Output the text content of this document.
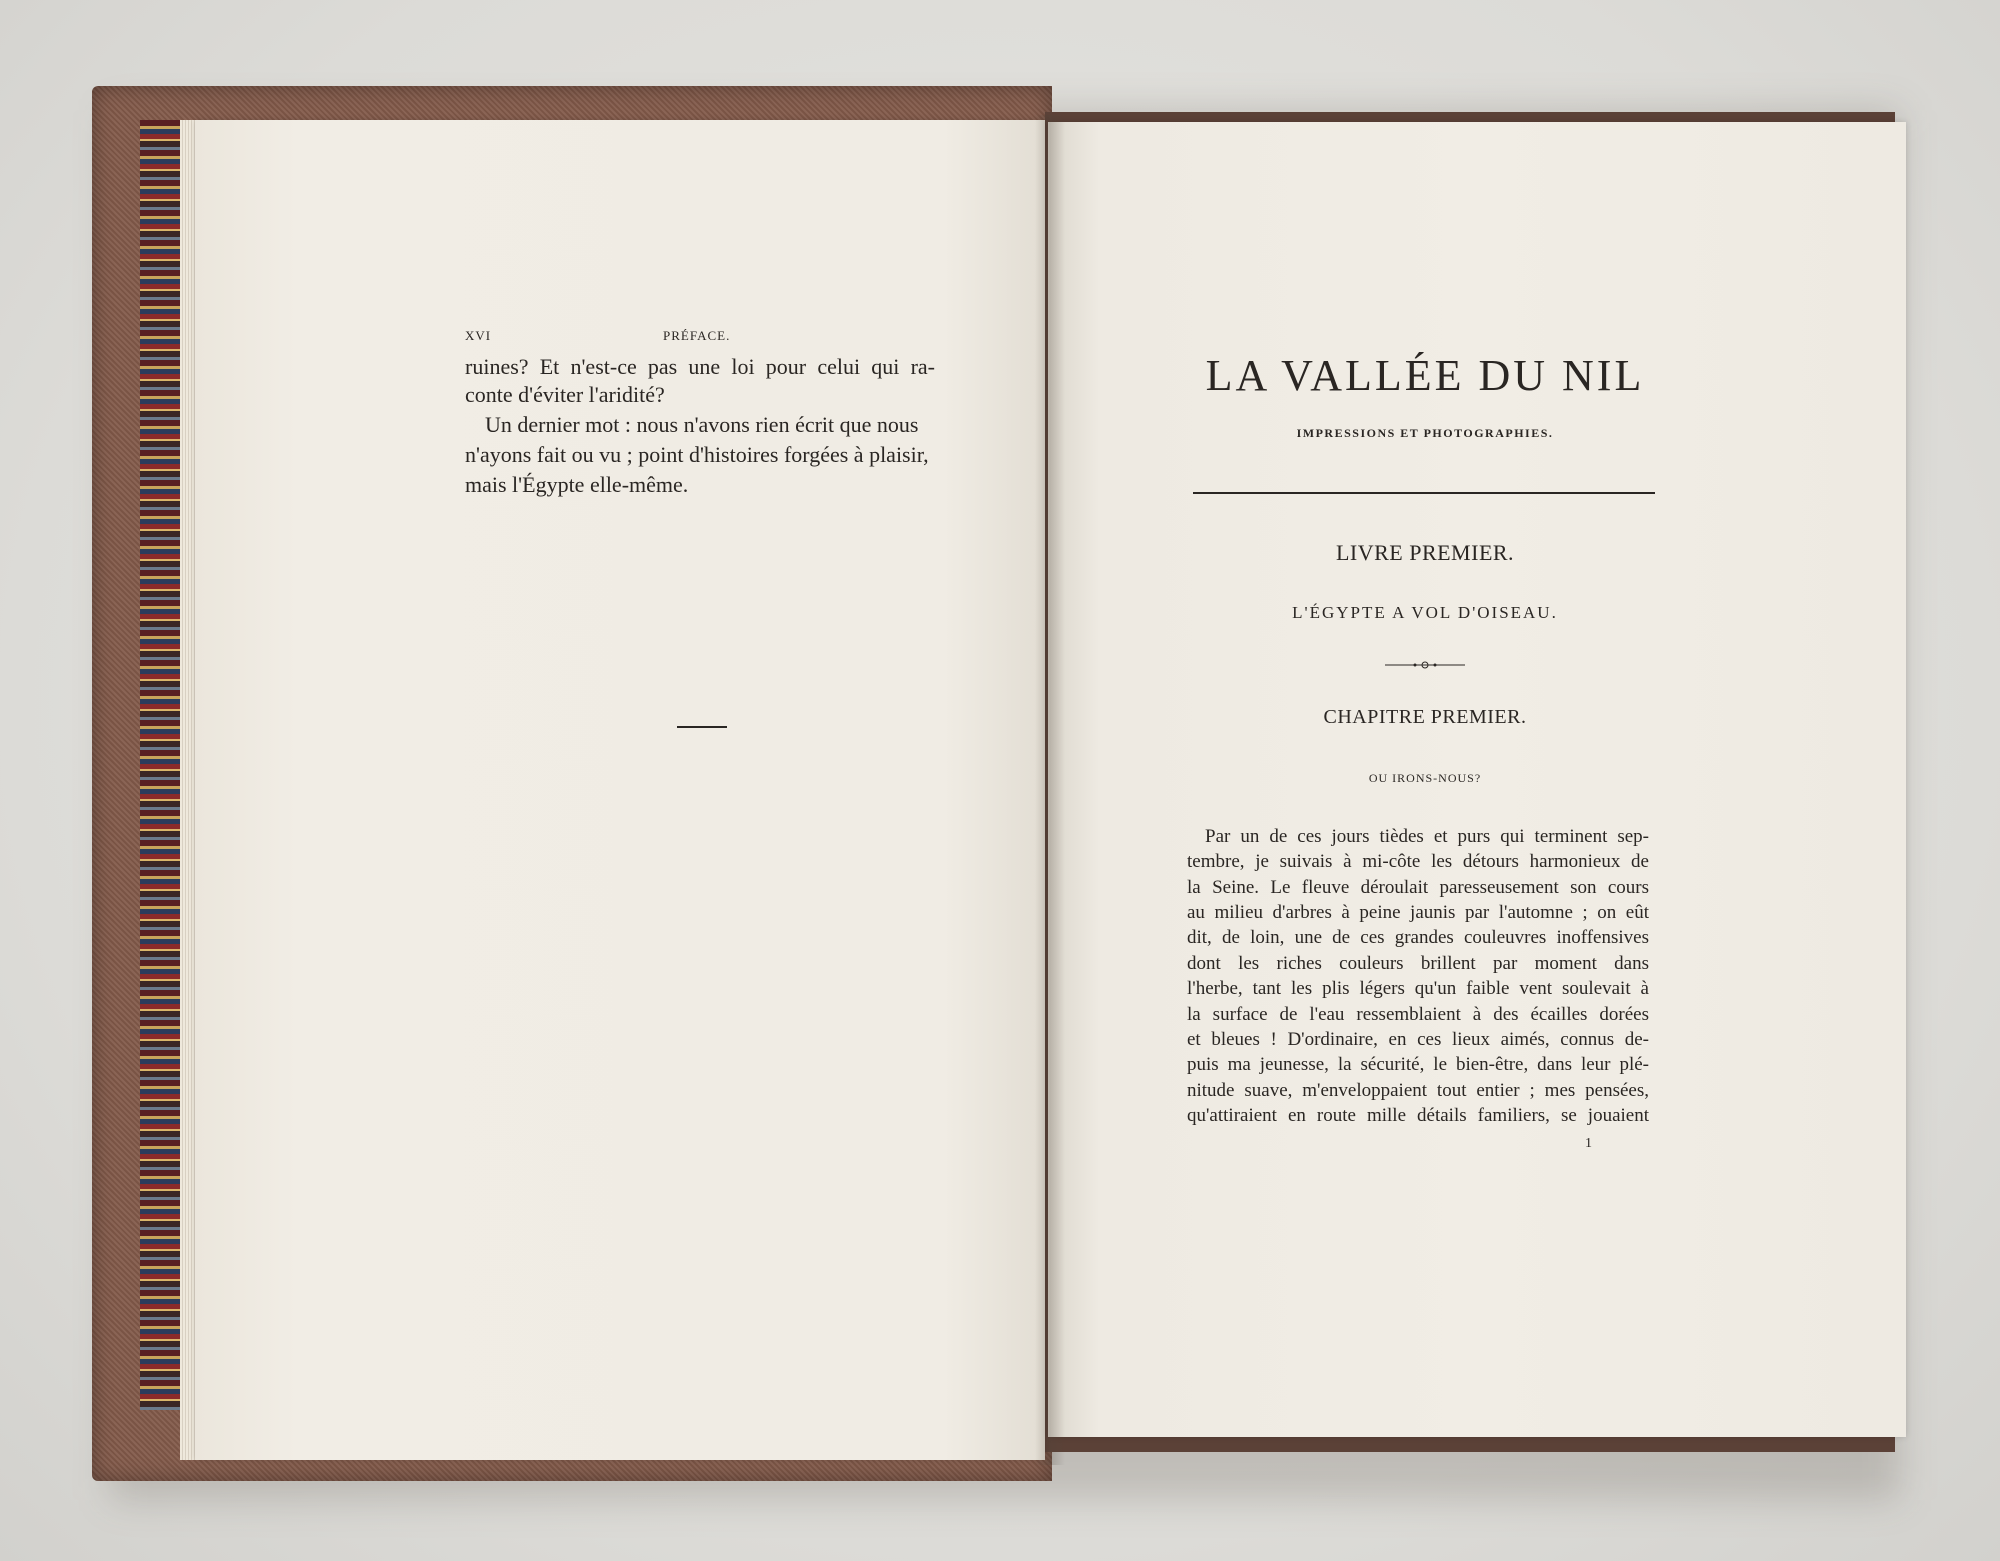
XVI	PRÉFACE.
ruines? Et n'est-ce pas une loi pour celui qui ra-
conte d'éviter l'aridité?
Un dernier mot : nous n'avons rien écrit que nous
n'ayons fait ou vu ; point d'histoires forgées à plaisir,
mais l'Égypte elle-même.
LA VALLÉE DU NIL
IMPRESSIONS ET PHOTOGRAPHIES.
LIVRE PREMIER.
L'ÉGYPTE A VOL D'OISEAU.
CHAPITRE PREMIER.
OU IRONS-NOUS?
Par un de ces jours tièdes et purs qui terminent sep-
tembre, je suivais à mi-côte les détours harmonieux de
la Seine. Le fleuve déroulait paresseusement son cours
au milieu d'arbres à peine jaunis par l'automne ; on eût
dit, de loin, une de ces grandes couleuvres inoffensives
dont les riches couleurs brillent par moment dans
l'herbe, tant les plis légers qu'un faible vent soulevait à
la surface de l'eau ressemblaient à des écailles dorées
et bleues ! D'ordinaire, en ces lieux aimés, connus de-
puis ma jeunesse, la sécurité, le bien-être, dans leur plé-
nitude suave, m'enveloppaient tout entier ; mes pensées,
qu'attiraient en route mille détails familiers, se jouaient
1
